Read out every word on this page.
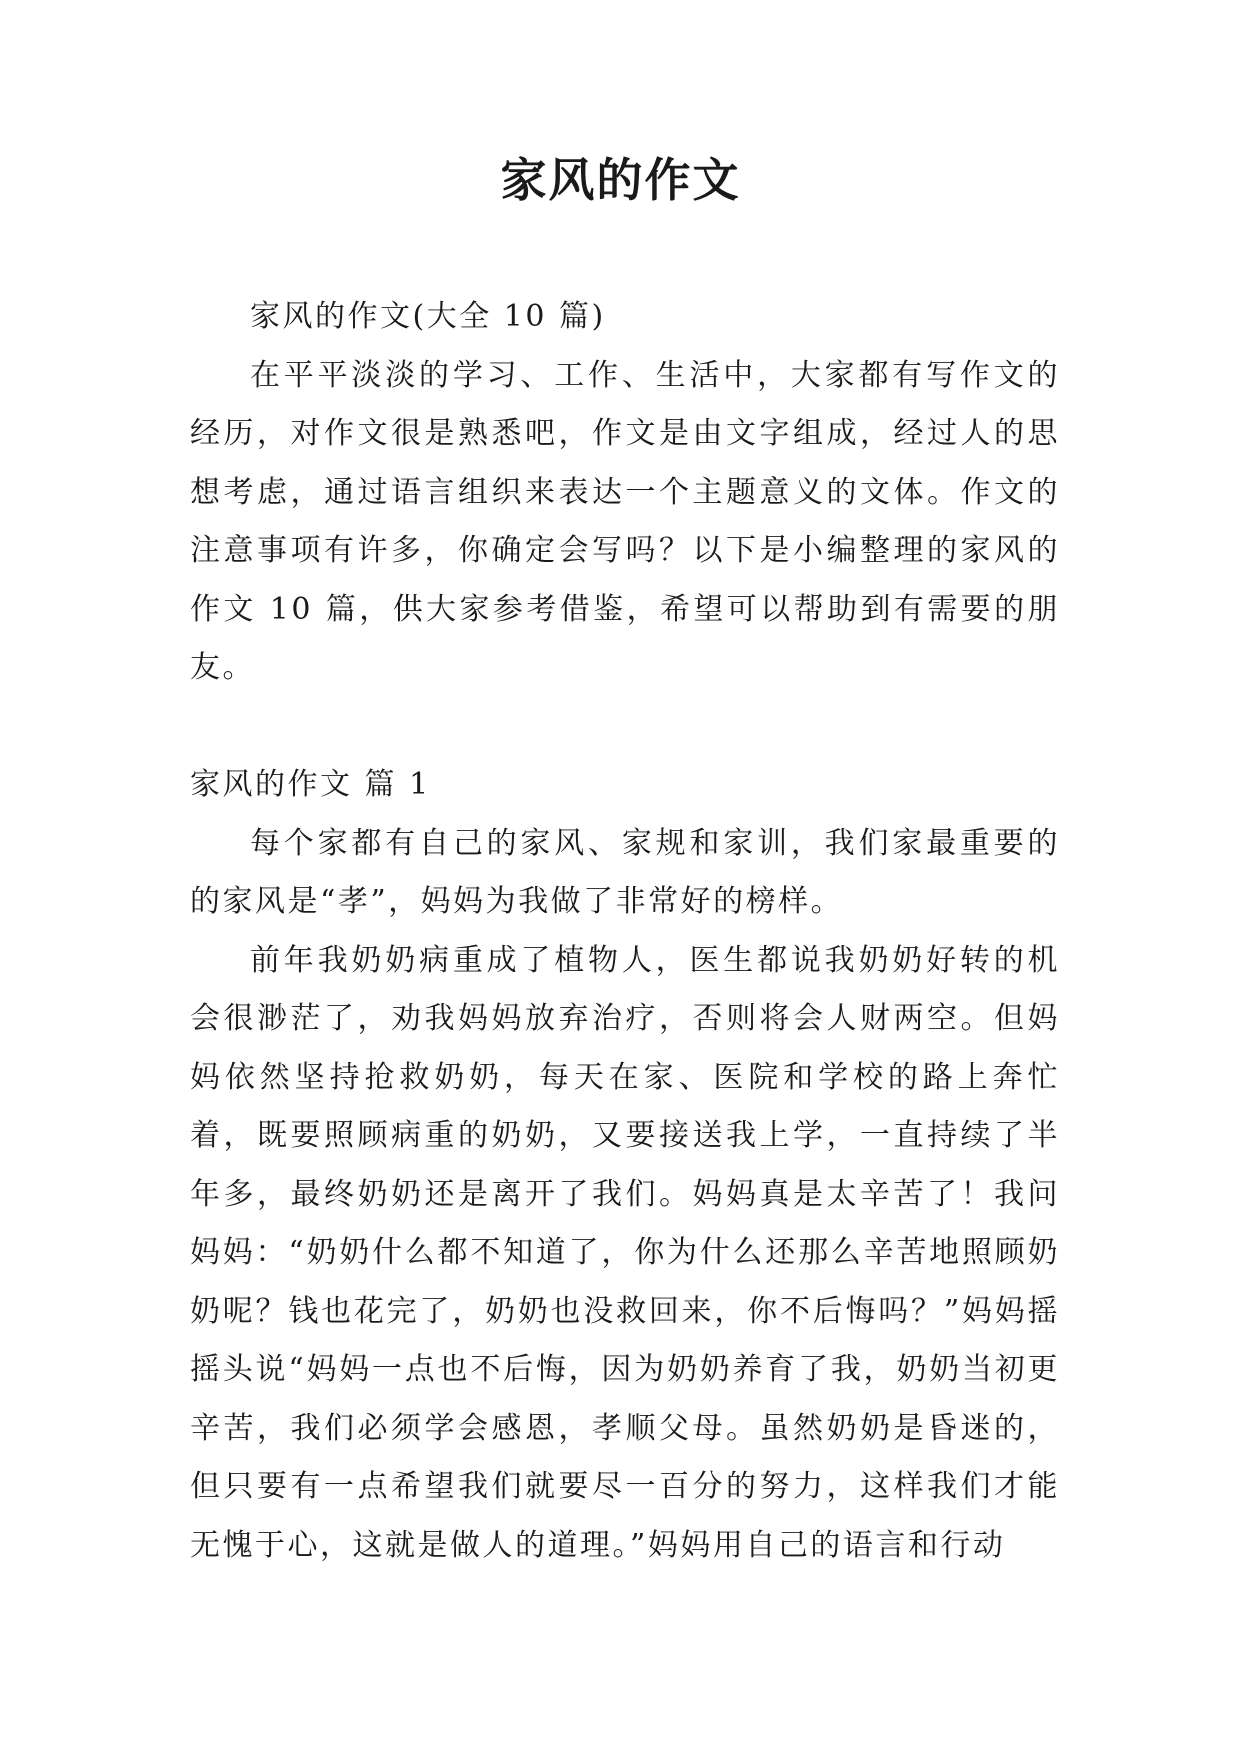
家风的作文

家风的作文(大全 10 篇)

在平平淡淡的学习、工作、生活中，大家都有写作文的经历，对作文很是熟悉吧，作文是由文字组成，经过人的思想考虑，通过语言组织来表达一个主题意义的文体。作文的注意事项有许多，你确定会写吗？以下是小编整理的家风的作文 10 篇，供大家参考借鉴，希望可以帮助到有需要的朋友。

家风的作文 篇 1

每个家都有自己的家风、家规和家训，我们家最重要的的家风是“孝”，妈妈为我做了非常好的榜样。

前年我奶奶病重成了植物人，医生都说我奶奶好转的机会很渺茫了，劝我妈妈放弃治疗，否则将会人财两空。但妈妈依然坚持抢救奶奶，每天在家、医院和学校的路上奔忙着，既要照顾病重的奶奶，又要接送我上学，一直持续了半年多，最终奶奶还是离开了我们。妈妈真是太辛苦了！我问妈妈：“奶奶什么都不知道了，你为什么还那么辛苦地照顾奶奶呢？钱也花完了，奶奶也没救回来，你不后悔吗？”妈妈摇摇头说“妈妈一点也不后悔，因为奶奶养育了我，奶奶当初更辛苦，我们必须学会感恩，孝顺父母。虽然奶奶是昏迷的，但只要有一点希望我们就要尽一百分的努力，这样我们才能无愧于心，这就是做人的道理。”妈妈用自己的语言和行动
